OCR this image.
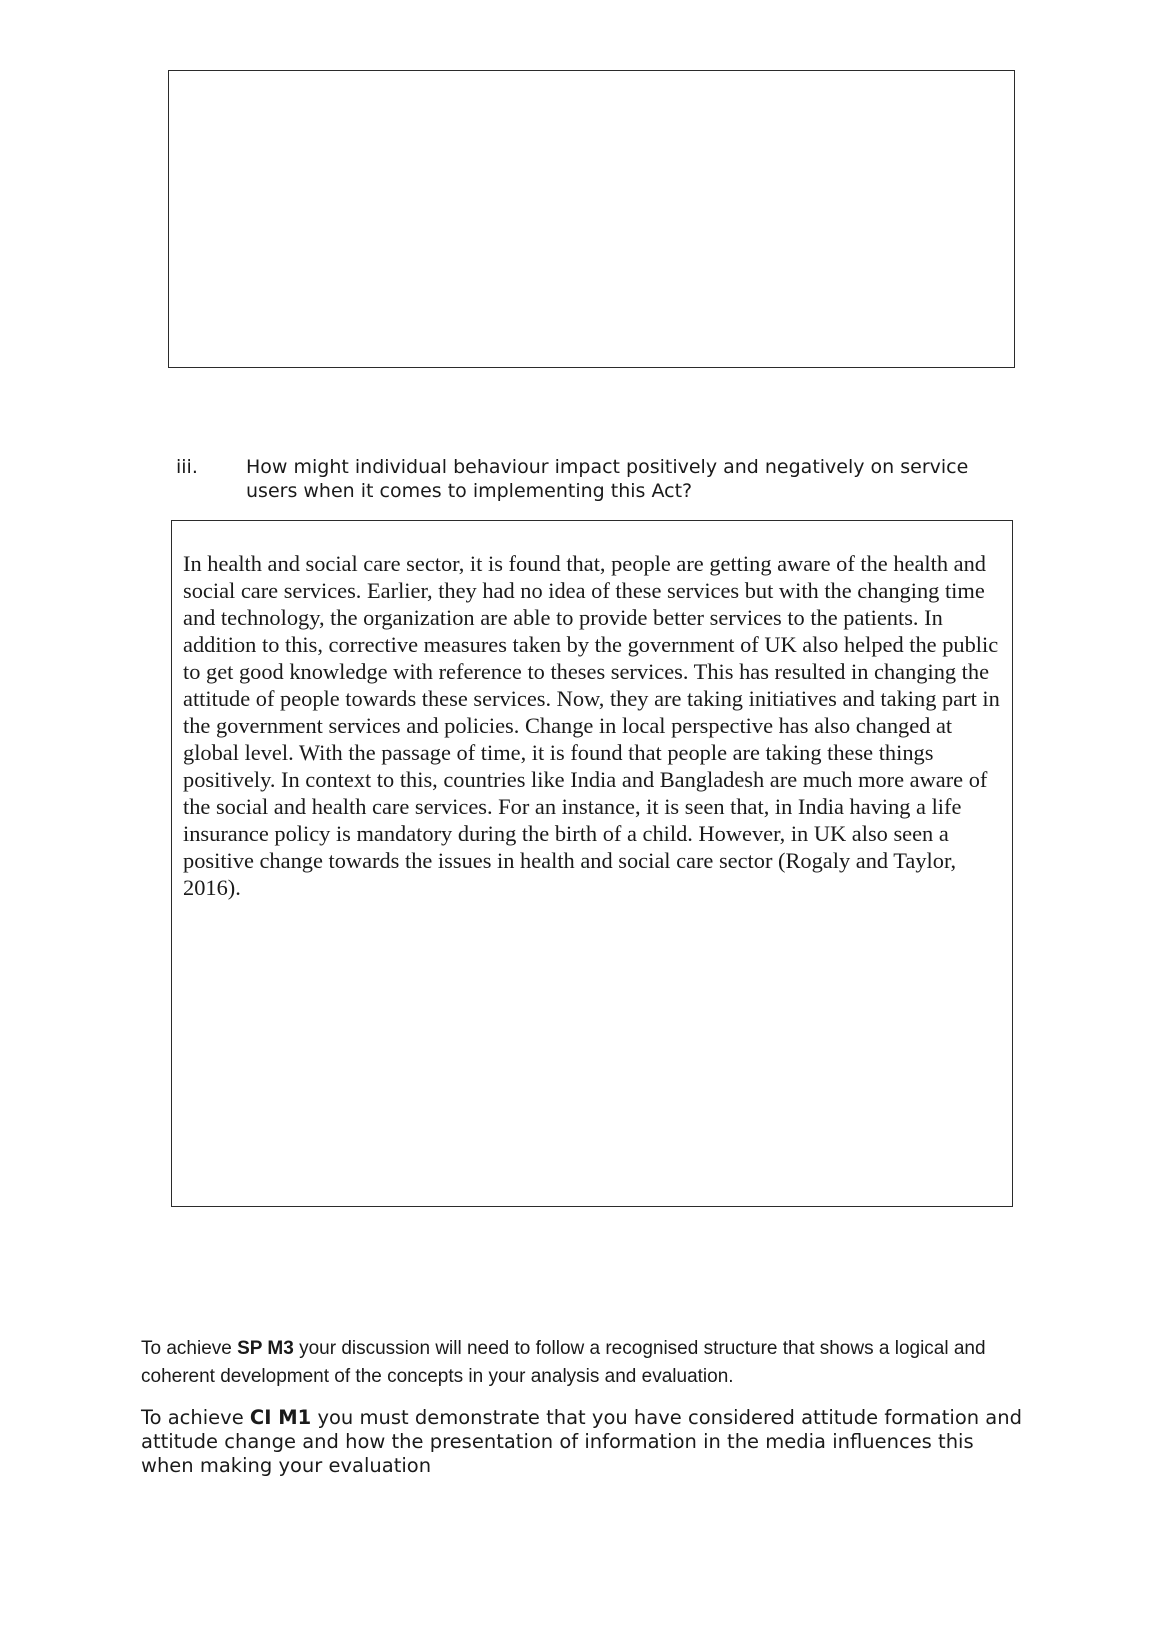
iii.	How might individual behaviour impact positively and negatively on service users when it comes to implementing this Act?

In health and social care sector, it is found that, people are getting aware of the health and social care services. Earlier, they had no idea of these services but with the changing time and technology, the organization are able to provide better services to the patients. In addition to this, corrective measures taken by the government of UK also helped the public to get good knowledge with reference to theses services. This has resulted in changing the attitude of people towards these services. Now, they are taking initiatives and taking part in the government services and policies. Change in local perspective has also changed at global level. With the passage of time, it is found that people are taking these things positively. In context to this, countries like India and Bangladesh are much more aware of the social and health care services. For an instance, it is seen that, in India having a life insurance policy is mandatory during the birth of a child. However, in UK also seen a positive change towards the issues in health and social care sector (Rogaly and Taylor, 2016).

To achieve SP M3 your discussion will need to follow a recognised structure that shows a logical and coherent development of the concepts in your analysis and evaluation.

To achieve CI M1 you must demonstrate that you have considered attitude formation and attitude change and how the presentation of information in the media influences this when making your evaluation
